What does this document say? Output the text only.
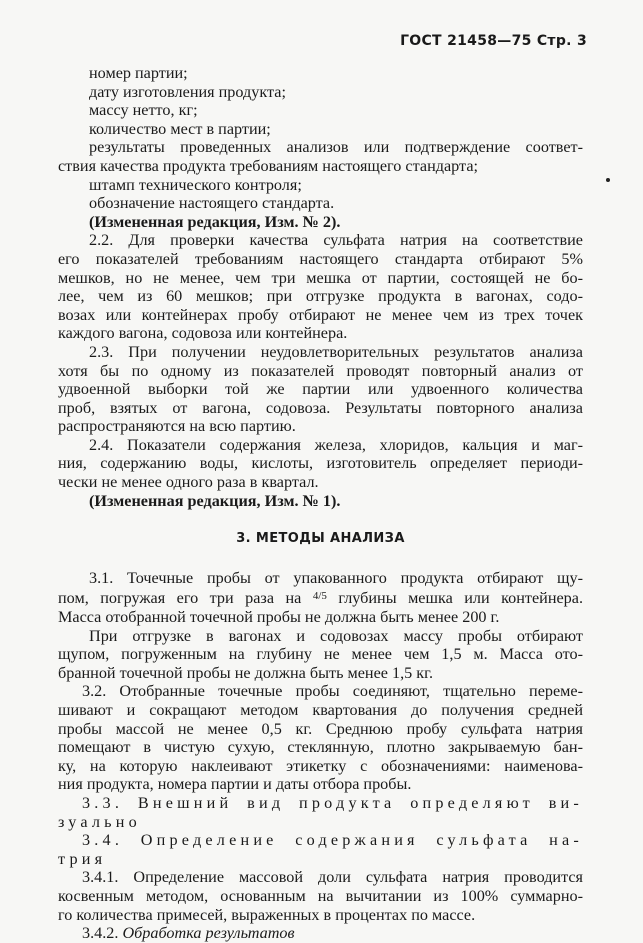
ГОСТ 21458—75 Стр. 3
номер партии;
дату изготовления продукта;
массу нетто, кг;
количество мест в партии;
результаты проведенных анализов или подтверждение соответ-
ствия качества продукта требованиям настоящего стандарта;
штамп технического контроля;
обозначение настоящего стандарта.
(Измененная редакция, Изм. № 2).
2.2. Для проверки качества сульфата натрия на соответствие
его показателей требованиям настоящего стандарта отбирают 5%
мешков, но не менее, чем три мешка от партии, состоящей не бо-
лее, чем из 60 мешков; при отгрузке продукта в вагонах, содо-
возах или контейнерах пробу отбирают не менее чем из трех точек
каждого вагона, содовоза или контейнера.
2.3. При получении неудовлетворительных результатов анализа
хотя бы по одному из показателей проводят повторный анализ от
удвоенной выборки той же партии или удвоенного количества
проб, взятых от вагона, содовоза. Результаты повторного анализа
распространяются на всю партию.
2.4. Показатели содержания железа, хлоридов, кальция и маг-
ния, содержанию воды, кислоты, изготовитель определяет периоди-
чески не менее одного раза в квартал.
(Измененная редакция, Изм. № 1).
3. МЕТОДЫ АНАЛИЗА
3.1. Точечные пробы от упакованного продукта отбирают щу-
пом, погружая его три раза на $^{4/5}$ глубины мешка или контейнера.
Масса отобранной точечной пробы не должна быть менее 200 г.
При отгрузке в вагонах и содовозах массу пробы отбирают
щупом, погруженным на глубину не менее чем 1,5 м. Масса ото-
бранной точечной пробы не должна быть менее 1,5 кг.
3.2. Отобранные точечные пробы соединяют, тщательно переме-
шивают и сокращают методом квартования до получения средней
пробы массой не менее 0,5 кг. Среднюю пробу сульфата натрия
помещают в чистую сухую, стеклянную, плотно закрываемую бан-
ку, на которую наклеивают этикетку с обозначениями: наименова-
ния продукта, номера партии и даты отбора пробы.
3.3. Внешний вид продукта определяют ви-
зуально
3.4. Определение содержания сульфата на-
трия
3.4.1. Определение массовой доли сульфата натрия проводится
косвенным методом, основанным на вычитании из 100% суммарно-
го количества примесей, выраженных в процентах по массе.
3.4.2. Обработка результатов
